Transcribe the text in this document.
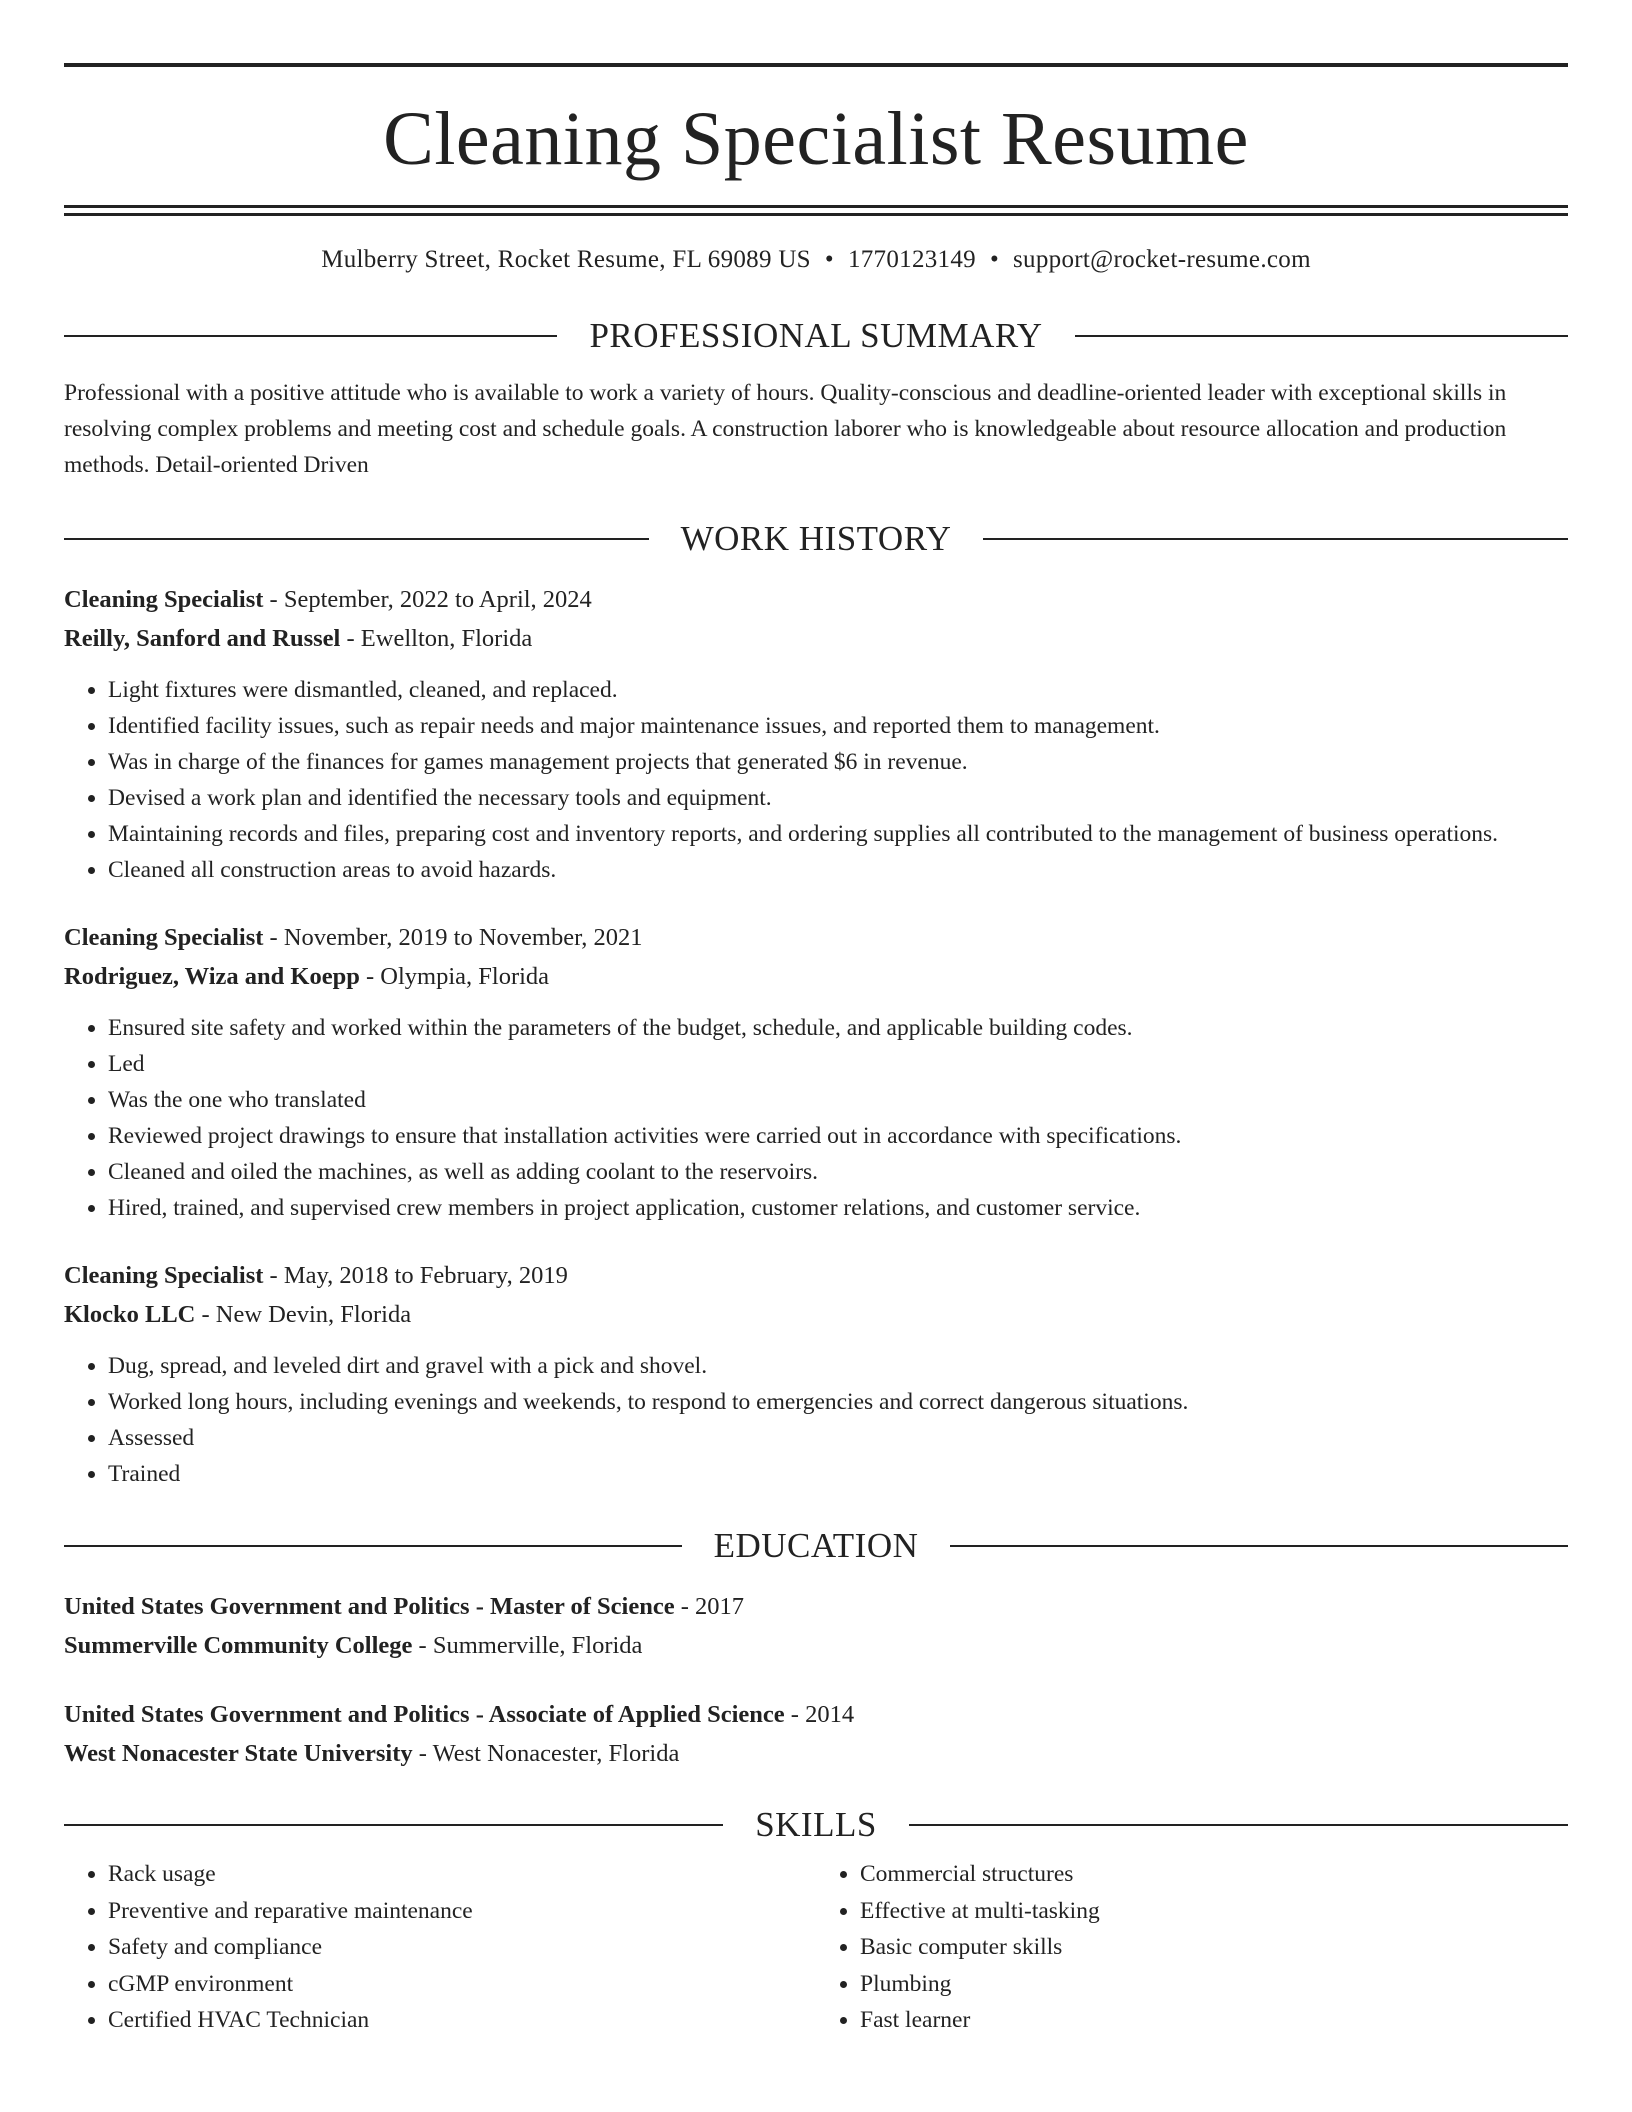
Cleaning Specialist Resume
Mulberry Street, Rocket Resume, FL 69089 US • 1770123149 • support@rocket-resume.com
PROFESSIONAL SUMMARY
Professional with a positive attitude who is available to work a variety of hours. Quality-conscious and deadline-oriented leader with exceptional skills in resolving complex problems and meeting cost and schedule goals. A construction laborer who is knowledgeable about resource allocation and production methods. Detail-oriented Driven
WORK HISTORY
Cleaning Specialist - September, 2022 to April, 2024
Reilly, Sanford and Russel - Ewellton, Florida
• Light fixtures were dismantled, cleaned, and replaced.
• Identified facility issues, such as repair needs and major maintenance issues, and reported them to management.
• Was in charge of the finances for games management projects that generated $6 in revenue.
• Devised a work plan and identified the necessary tools and equipment.
• Maintaining records and files, preparing cost and inventory reports, and ordering supplies all contributed to the management of business operations.
• Cleaned all construction areas to avoid hazards.
Cleaning Specialist - November, 2019 to November, 2021
Rodriguez, Wiza and Koepp - Olympia, Florida
• Ensured site safety and worked within the parameters of the budget, schedule, and applicable building codes.
• Led
• Was the one who translated
• Reviewed project drawings to ensure that installation activities were carried out in accordance with specifications.
• Cleaned and oiled the machines, as well as adding coolant to the reservoirs.
• Hired, trained, and supervised crew members in project application, customer relations, and customer service.
Cleaning Specialist - May, 2018 to February, 2019
Klocko LLC - New Devin, Florida
• Dug, spread, and leveled dirt and gravel with a pick and shovel.
• Worked long hours, including evenings and weekends, to respond to emergencies and correct dangerous situations.
• Assessed
• Trained
EDUCATION
United States Government and Politics - Master of Science - 2017
Summerville Community College - Summerville, Florida
United States Government and Politics - Associate of Applied Science - 2014
West Nonacester State University - West Nonacester, Florida
SKILLS
• Rack usage
• Preventive and reparative maintenance
• Safety and compliance
• cGMP environment
• Certified HVAC Technician
• Commercial structures
• Effective at multi-tasking
• Basic computer skills
• Plumbing
• Fast learner
